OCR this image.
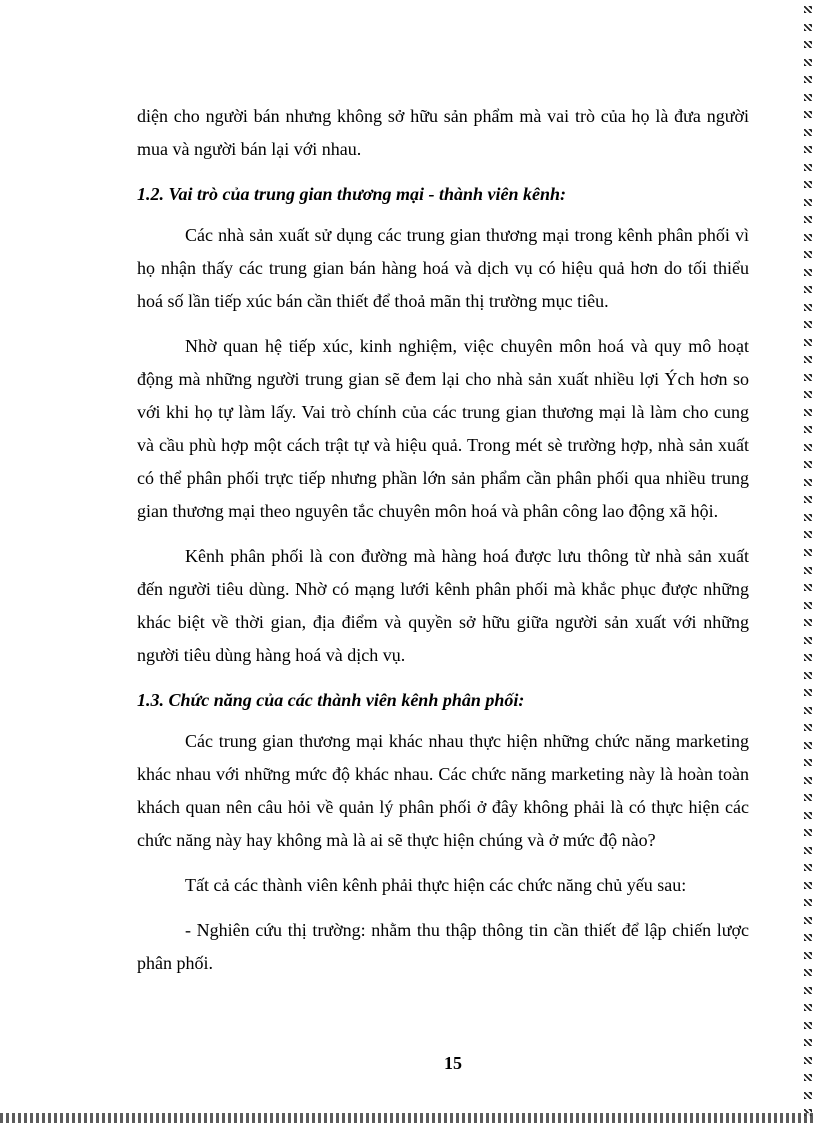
diện cho người bán nhưng không sở hữu sản phẩm mà vai trò của họ là đưa người mua và người bán lại với nhau.

1.2. Vai trò của trung gian thương mại - thành viên kênh:

Các nhà sản xuất sử dụng các trung gian thương mại trong kênh phân phối vì họ nhận thấy các trung gian bán hàng hoá và dịch vụ có hiệu quả hơn do tối thiểu hoá số lần tiếp xúc bán cần thiết để thoả mãn thị trường mục tiêu.

Nhờ quan hệ tiếp xúc, kinh nghiệm, việc chuyên môn hoá và quy mô hoạt động mà những người trung gian sẽ đem lại cho nhà sản xuất nhiều lợi Ých hơn so với khi họ tự làm lấy. Vai trò chính của các trung gian thương mại là làm cho cung và cầu phù hợp một cách trật tự và hiệu quả. Trong mét sè trường hợp, nhà sản xuất có thể phân phối trực tiếp nhưng phần lớn sản phẩm cần phân phối qua nhiều trung gian thương mại theo nguyên tắc chuyên môn hoá và phân công lao động xã hội.

Kênh phân phối là con đường mà hàng hoá được lưu thông từ nhà sản xuất đến người tiêu dùng. Nhờ có mạng lưới kênh phân phối mà khắc phục được những khác biệt về thời gian, địa điểm và quyền sở hữu giữa người sản xuất với những người tiêu dùng hàng hoá và dịch vụ.

1.3. Chức năng của các thành viên kênh phân phối:

Các trung gian thương mại khác nhau thực hiện những chức năng marketing khác nhau với những mức độ khác nhau. Các chức năng marketing này là hoàn toàn khách quan nên câu hỏi về quản lý phân phối ở đây không phải là có thực hiện các chức năng này hay không mà là ai sẽ thực hiện chúng và ở mức độ nào?

Tất cả các thành viên kênh phải thực hiện các chức năng chủ yếu sau:

- Nghiên cứu thị trường: nhằm thu thập thông tin cần thiết để lập chiến lược phân phối.

15
